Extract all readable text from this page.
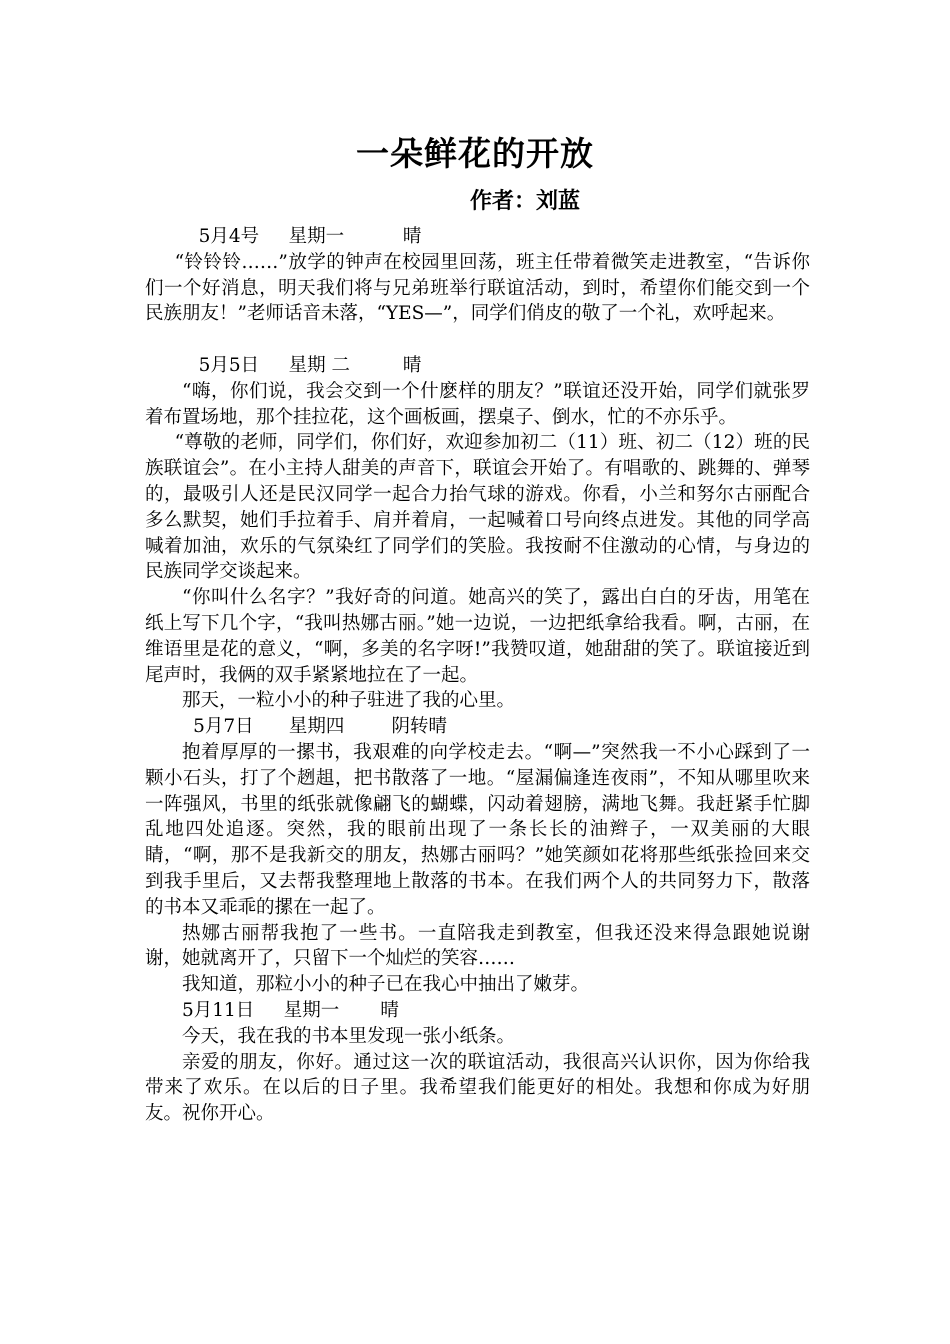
一朵鲜花的开放
作者：刘蓝

5月4号     星期一          晴

“铃铃铃……”放学的钟声在校园里回荡，班主任带着微笑走进教室，“告诉你们一个好消息，明天我们将与兄弟班举行联谊活动，到时，希望你们能交到一个民族朋友！”老师话音未落，“YES—”，同学们俏皮的敬了一个礼，欢呼起来。

5月5日     星期 二         晴

“嗨，你们说，我会交到一个什麽样的朋友？”联谊还没开始，同学们就张罗着布置场地，那个挂拉花，这个画板画，摆桌子、倒水，忙的不亦乐乎。

“尊敬的老师，同学们，你们好，欢迎参加初二（11）班、初二（12）班的民族联谊会”。在小主持人甜美的声音下，联谊会开始了。有唱歌的、跳舞的、弹琴的，最吸引人还是民汉同学一起合力抬气球的游戏。你看，小兰和努尔古丽配合多么默契，她们手拉着手、肩并着肩，一起喊着口号向终点进发。其他的同学高喊着加油，欢乐的气氛染红了同学们的笑脸。我按耐不住激动的心情，与身边的民族同学交谈起来。

“你叫什么名字？”我好奇的问道。她高兴的笑了，露出白白的牙齿，用笔在纸上写下几个字，“我叫热娜古丽。”她一边说，一边把纸拿给我看。啊，古丽，在维语里是花的意义，“啊，多美的名字呀!”我赞叹道，她甜甜的笑了。联谊接近到尾声时，我俩的双手紧紧地拉在了一起。

那天，一粒小小的种子驻进了我的心里。

5月7日      星期四        阴转晴

抱着厚厚的一摞书，我艰难的向学校走去。“啊—”突然我一不小心踩到了一颗小石头，打了个趔趄，把书散落了一地。“屋漏偏逢连夜雨”，不知从哪里吹来一阵强风，书里的纸张就像翩飞的蝴蝶，闪动着翅膀，满地飞舞。我赶紧手忙脚乱地四处追逐。突然，我的眼前出现了一条长长的油辫子，一双美丽的大眼睛，“啊，那不是我新交的朋友，热娜古丽吗？”她笑颜如花将那些纸张捡回来交到我手里后，又去帮我整理地上散落的书本。在我们两个人的共同努力下，散落的书本又乖乖的摞在一起了。

热娜古丽帮我抱了一些书。一直陪我走到教室，但我还没来得急跟她说谢谢，她就离开了，只留下一个灿烂的笑容……

我知道，那粒小小的种子已在我心中抽出了嫩芽。

5月11日     星期一       晴

今天，我在我的书本里发现一张小纸条。

亲爱的朋友，你好。通过这一次的联谊活动，我很高兴认识你，因为你给我带来了欢乐。在以后的日子里。我希望我们能更好的相处。我想和你成为好朋友。祝你开心。
